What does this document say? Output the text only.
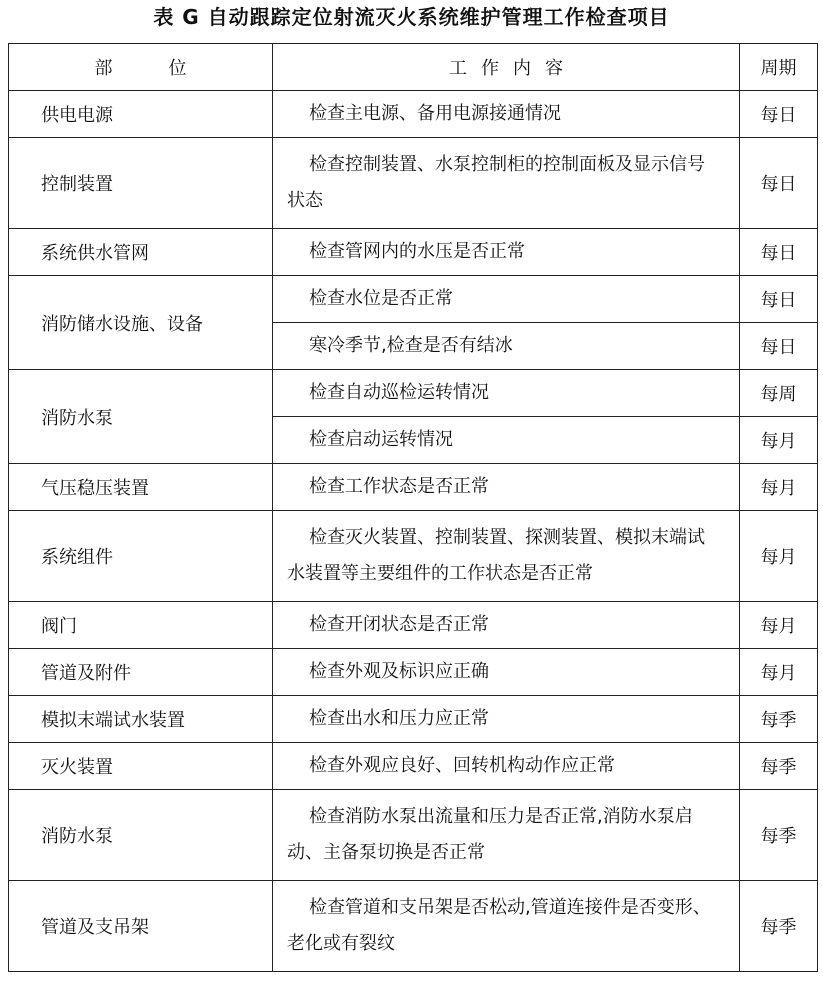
表 G 自动跟踪定位射流灭火系统维护管理工作检查项目
部位	工作内容	周期
供电电源	检查主电源、备用电源接通情况	每日
控制装置	检查控制装置、水泵控制柜的控制面板及显示信号状态	每日
系统供水管网	检查管网内的水压是否正常	每日
消防储水设施、设备	检查水位是否正常	每日
	寒冷季节,检查是否有结冰	每日
消防水泵	检查自动巡检运转情况	每周
	检查启动运转情况	每月
气压稳压装置	检查工作状态是否正常	每月
系统组件	检查灭火装置、控制装置、探测装置、模拟末端试水装置等主要组件的工作状态是否正常	每月
阀门	检查开闭状态是否正常	每月
管道及附件	检查外观及标识应正确	每月
模拟末端试水装置	检查出水和压力应正常	每季
灭火装置	检查外观应良好、回转机构动作应正常	每季
消防水泵	检查消防水泵出流量和压力是否正常,消防水泵启动、主备泵切换是否正常	每季
管道及支吊架	检查管道和支吊架是否松动,管道连接件是否变形、老化或有裂纹	每季
